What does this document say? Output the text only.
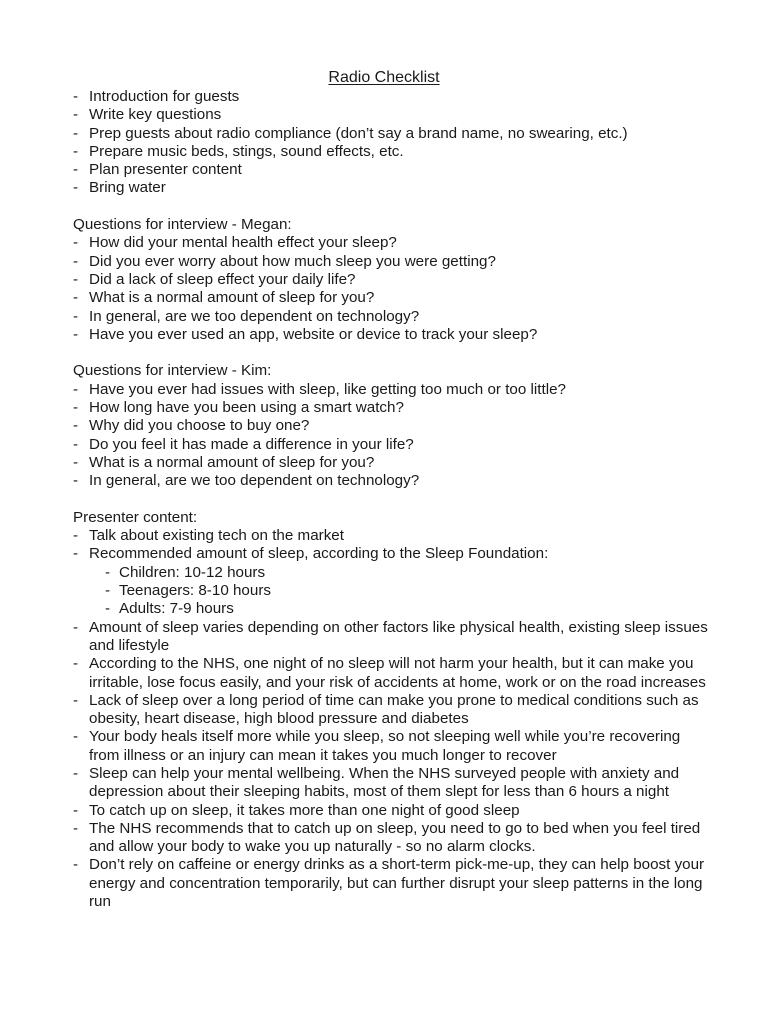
Radio Checklist
- Introduction for guests
- Write key questions
- Prep guests about radio compliance (don’t say a brand name, no swearing, etc.)
- Prepare music beds, stings, sound effects, etc.
- Plan presenter content
- Bring water
Questions for interview - Megan:
- How did your mental health effect your sleep?
- Did you ever worry about how much sleep you were getting?
- Did a lack of sleep effect your daily life?
- What is a normal amount of sleep for you?
- In general, are we too dependent on technology?
- Have you ever used an app, website or device to track your sleep?
Questions for interview - Kim:
- Have you ever had issues with sleep, like getting too much or too little?
- How long have you been using a smart watch?
- Why did you choose to buy one?
- Do you feel it has made a difference in your life?
- What is a normal amount of sleep for you?
- In general, are we too dependent on technology?
Presenter content:
- Talk about existing tech on the market
- Recommended amount of sleep, according to the Sleep Foundation:
- Children: 10-12 hours
- Teenagers: 8-10 hours
- Adults: 7-9 hours
- Amount of sleep varies depending on other factors like physical health, existing sleep issues and lifestyle
- According to the NHS, one night of no sleep will not harm your health, but it can make you irritable, lose focus easily, and your risk of accidents at home, work or on the road increases
- Lack of sleep over a long period of time can make you prone to medical conditions such as obesity, heart disease, high blood pressure and diabetes
- Your body heals itself more while you sleep, so not sleeping well while you’re recovering from illness or an injury can mean it takes you much longer to recover
- Sleep can help your mental wellbeing. When the NHS surveyed people with anxiety and depression about their sleeping habits, most of them slept for less than 6 hours a night
- To catch up on sleep, it takes more than one night of good sleep
- The NHS recommends that to catch up on sleep, you need to go to bed when you feel tired and allow your body to wake you up naturally - so no alarm clocks.
- Don’t rely on caffeine or energy drinks as a short-term pick-me-up, they can help boost your energy and concentration temporarily, but can further disrupt your sleep patterns in the long run
